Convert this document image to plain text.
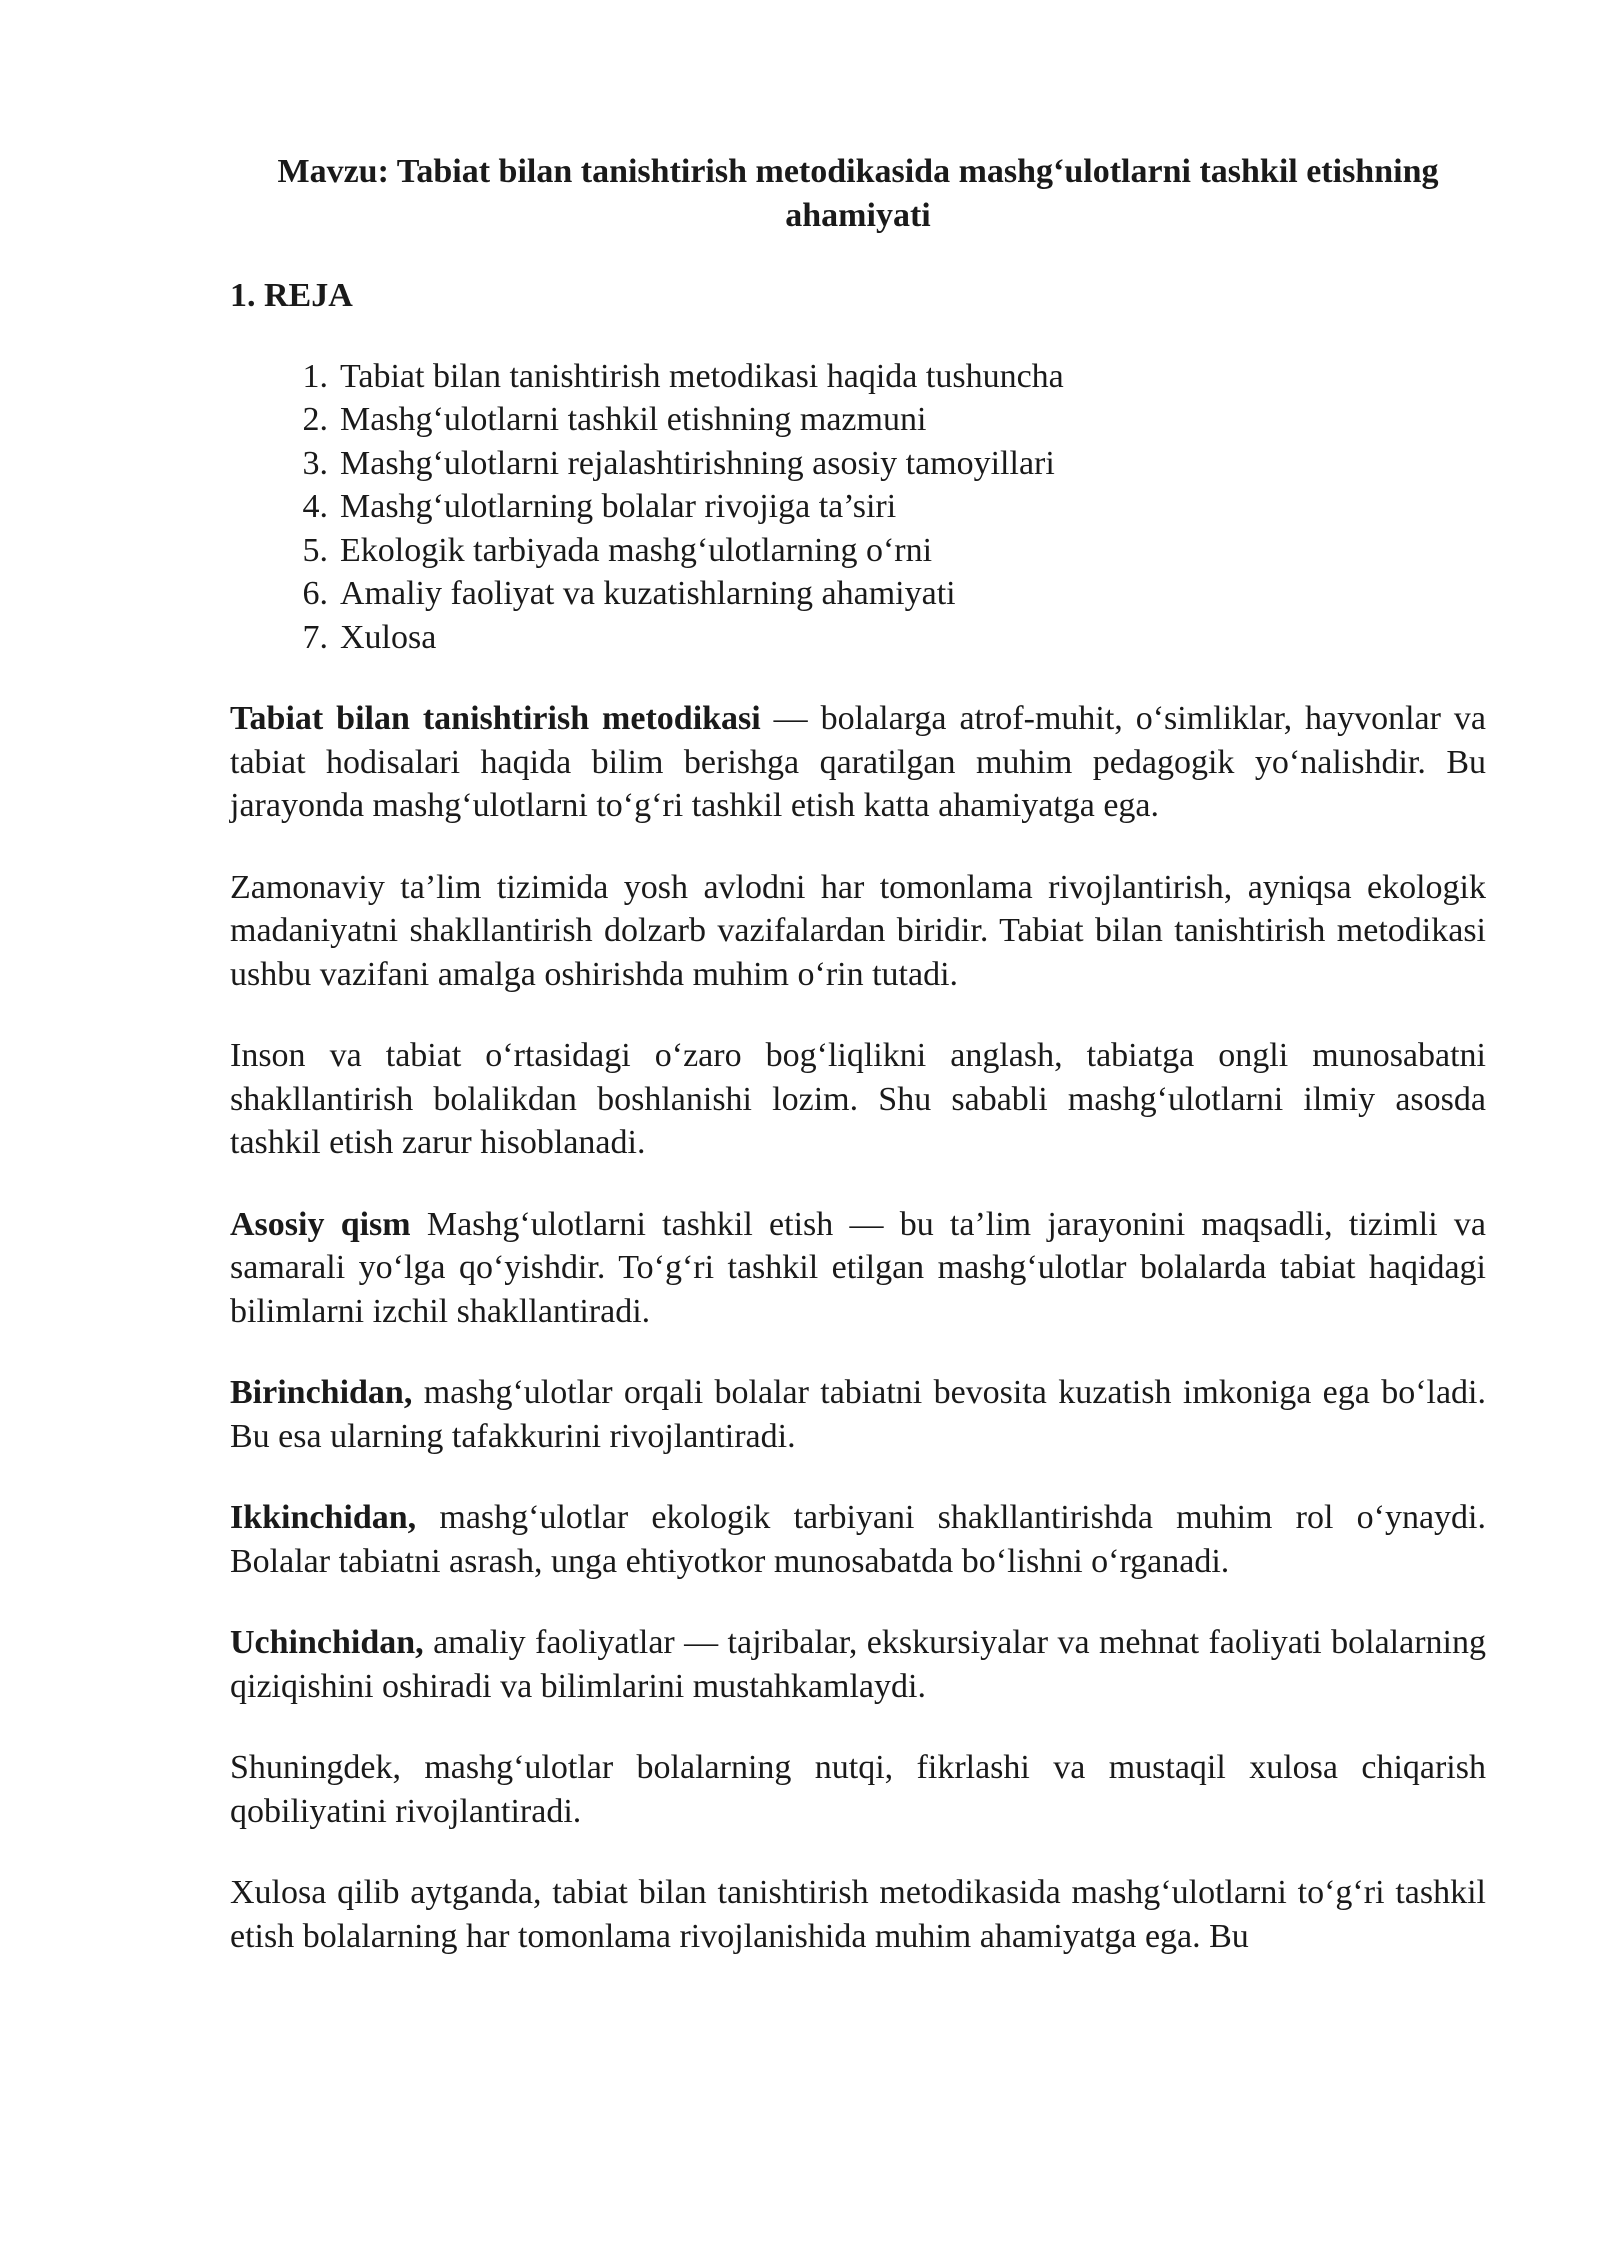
Mavzu: Tabiat bilan tanishtirish metodikasida mashg‘ulotlarni tashkil etishning ahamiyati

1. REJA

1. Tabiat bilan tanishtirish metodikasi haqida tushuncha
2. Mashg‘ulotlarni tashkil etishning mazmuni
3. Mashg‘ulotlarni rejalashtirishning asosiy tamoyillari
4. Mashg‘ulotlarning bolalar rivojiga ta’siri
5. Ekologik tarbiyada mashg‘ulotlarning o‘rni
6. Amaliy faoliyat va kuzatishlarning ahamiyati
7. Xulosa

Tabiat bilan tanishtirish metodikasi — bolalarga atrof-muhit, o‘simliklar, hayvonlar va tabiat hodisalari haqida bilim berishga qaratilgan muhim pedagogik yo‘nalishdir. Bu jarayonda mashg‘ulotlarni to‘g‘ri tashkil etish katta ahamiyatga ega.

Zamonaviy ta’lim tizimida yosh avlodni har tomonlama rivojlantirish, ayniqsa ekologik madaniyatni shakllantirish dolzarb vazifalardan biridir. Tabiat bilan tanishtirish metodikasi ushbu vazifani amalga oshirishda muhim o‘rin tutadi.

Inson va tabiat o‘rtasidagi o‘zaro bog‘liqlikni anglash, tabiatga ongli munosabatni shakllantirish bolalikdan boshlanishi lozim. Shu sababli mashg‘ulotlarni ilmiy asosda tashkil etish zarur hisoblanadi.

Asosiy qism Mashg‘ulotlarni tashkil etish — bu ta’lim jarayonini maqsadli, tizimli va samarali yo‘lga qo‘yishdir. To‘g‘ri tashkil etilgan mashg‘ulotlar bolalarda tabiat haqidagi bilimlarni izchil shakllantiradi.

Birinchidan, mashg‘ulotlar orqali bolalar tabiatni bevosita kuzatish imkoniga ega bo‘ladi. Bu esa ularning tafakkurini rivojlantiradi.

Ikkinchidan, mashg‘ulotlar ekologik tarbiyani shakllantirishda muhim rol o‘ynaydi. Bolalar tabiatni asrash, unga ehtiyotkor munosabatda bo‘lishni o‘rganadi.

Uchinchidan, amaliy faoliyatlar — tajribalar, ekskursiyalar va mehnat faoliyati bolalarning qiziqishini oshiradi va bilimlarini mustahkamlaydi.

Shuningdek, mashg‘ulotlar bolalarning nutqi, fikrlashi va mustaqil xulosa chiqarish qobiliyatini rivojlantiradi.

Xulosa qilib aytganda, tabiat bilan tanishtirish metodikasida mashg‘ulotlarni to‘g‘ri tashkil etish bolalarning har tomonlama rivojlanishida muhim ahamiyatga ega. Bu
